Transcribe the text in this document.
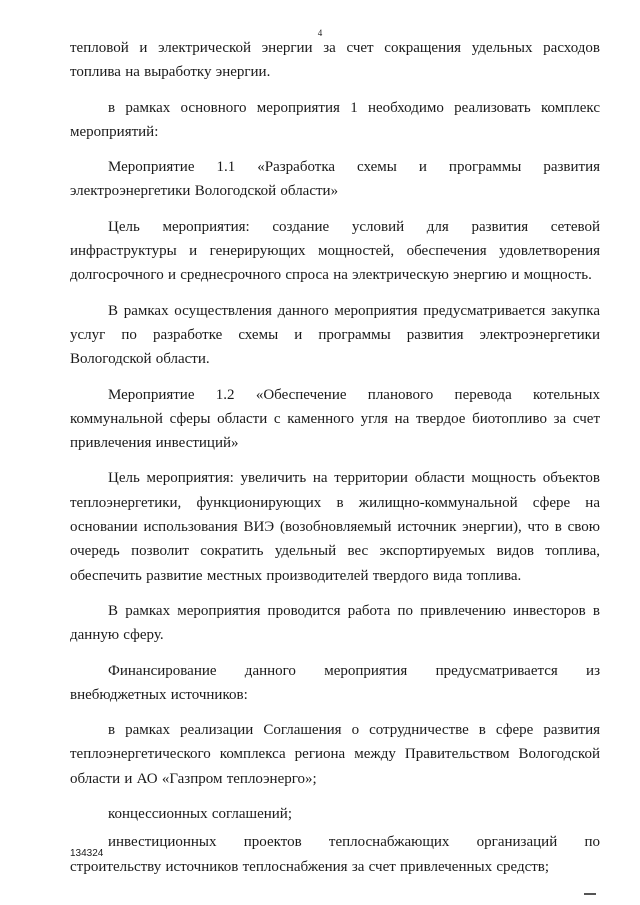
4

тепловой и электрической энергии за счет сокращения удельных расходов топлива на выработку энергии.

в рамках основного мероприятия 1 необходимо реализовать комплекс мероприятий:

Мероприятие 1.1 «Разработка схемы и программы развития электроэнергетики Вологодской области»

Цель мероприятия: создание условий для развития сетевой инфраструктуры и генерирующих мощностей, обеспечения удовлетворения долгосрочного и среднесрочного спроса на электрическую энергию и мощность.

В рамках осуществления данного мероприятия предусматривается закупка услуг по разработке схемы и программы развития электроэнергетики Вологодской области.

Мероприятие 1.2 «Обеспечение планового перевода котельных коммунальной сферы области с каменного угля на твердое биотопливо за счет привлечения инвестиций»

Цель мероприятия: увеличить на территории области мощность объектов теплоэнергетики, функционирующих в жилищно-коммунальной сфере на основании использования ВИЭ (возобновляемый источник энергии), что в свою очередь позволит сократить удельный вес экспортируемых видов топлива, обеспечить развитие местных производителей твердого вида топлива.

В рамках мероприятия проводится работа по привлечению инвесторов в данную сферу.

Финансирование данного мероприятия предусматривается из внебюджетных источников:

в рамках реализации Соглашения о сотрудничестве в сфере развития теплоэнергетического комплекса региона между Правительством Вологодской области и АО «Газпром теплоэнерго»;

концессионных соглашений;

инвестиционных проектов теплоснабжающих организаций по строительству источников теплоснабжения за счет привлеченных средств;

134324
